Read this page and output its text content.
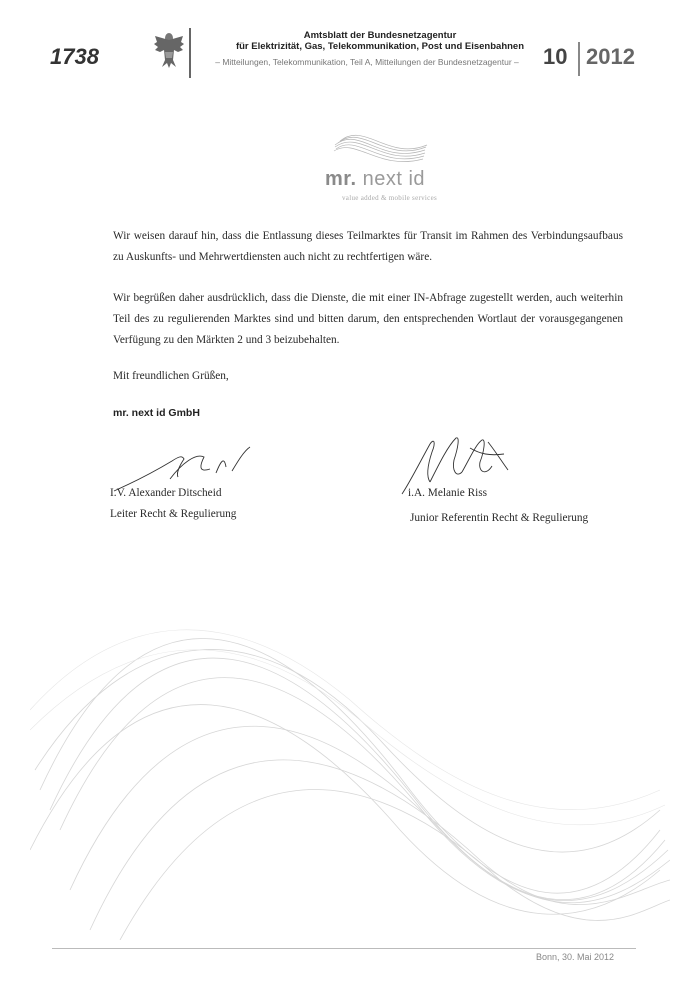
1738
Amtsblatt der Bundesnetzagentur
für Elektrizität, Gas, Telekommunikation, Post und Eisenbahnen
– Mitteilungen, Telekommunikation, Teil A, Mitteilungen der Bundesnetzagentur –	10 2012
mr. next id
value added & mobile services
Wir weisen darauf hin, dass die Entlassung dieses Teilmarktes für Transit im Rahmen des Verbindungsaufbaus zu Auskunfts- und Mehrwertdiensten auch nicht zu rechtfertigen wäre.
Wir begrüßen daher ausdrücklich, dass die Dienste, die mit einer IN-Abfrage zugestellt werden, auch weiterhin Teil des zu regulierenden Marktes sind und bitten darum, den entsprechenden Wortlaut der vorausgegangenen Verfügung zu den Märkten 2 und 3 beizubehalten.
Mit freundlichen Grüßen,
mr. next id GmbH
I.V. Alexander Ditscheid
Leiter Recht & Regulierung
i.A. Melanie Riss
Junior Referentin Recht & Regulierung
Bonn, 30. Mai 2012
